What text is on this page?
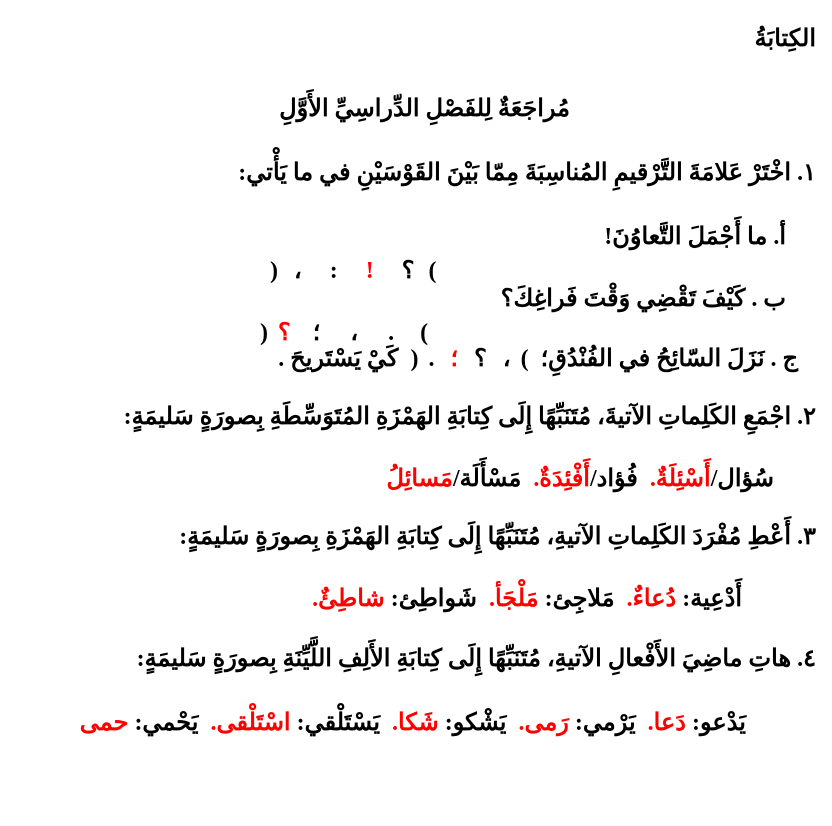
الكِتابَةُ
مُراجَعَةٌ لِلفَصْلِ الدِّراسِيِّ الأَوَّلِ
١. اخْتَرْ عَلامَةَ التَّرْقيمِ المُناسِبَةَ مِمّا بَيْنَ القَوْسَيْنِ في ما يَأْتي:
أ. ما أَجْمَلَ التَّعاوُنَ!

) ، : ! ؟ (

ب . كَيْفَ تَقْضِي وَقْتَ فَراغِكَ؟

) ؟ ؛ ، . (

ج . نَزَلَ السّائِحُ في الفُنْدُقِ؛ ) . ؟؛ ، ( كَيْ يَسْتَريحَ .
٢. اجْمَعِ الكَلِماتِ الآتيةَ، مُتَنَبِّهًا إِلَى كِتابَةِ الهَمْزَةِ المُتَوَسِّطَةِ بِصورَةٍ سَليمَةٍ:
سُؤال/أَسْئِلَةٌ.  فُؤاد/أَفْئِدَةٌ.  مَسْأَلَة/مَسائِلُ
٣. أَعْطِ مُفْرَدَ الكَلِماتِ الآتيةِ، مُتَنَبِّهًا إِلَى كِتابَةِ الهَمْزَةِ بِصورَةٍ سَليمَةٍ:
أَدْعِية: دُعاءٌ.  مَلاجِئ: مَلْجَأ.  شَواطِئ: شاطِئٌ.
٤. هاتِ ماضِيَ الأَفْعالِ الآتيةِ، مُتَنَبِّهًا إِلَى كِتابَةِ الأَلِفِ اللَّيِّنَةِ بِصورَةٍ سَليمَةٍ:
يَدْعو: دَعا.  يَرْمي: رَمى.  يَشْكو: شَكا.  يَسْتَلْقي: اسْتَلْقى.  يَحْمي: حمى
